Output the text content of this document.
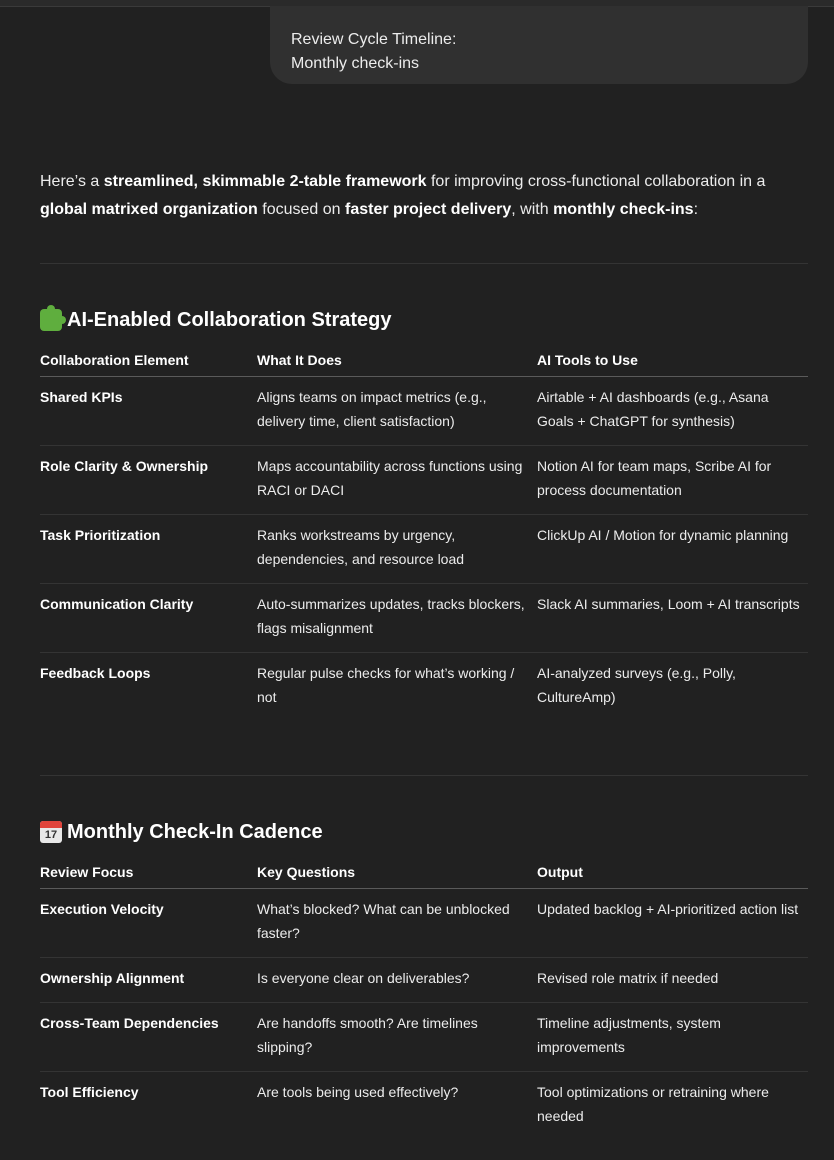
Review Cycle Timeline:
Monthly check-ins
Here’s a streamlined, skimmable 2-table framework for improving cross-functional collaboration in a global matrixed organization focused on faster project delivery, with monthly check-ins:
AI-Enabled Collaboration Strategy
Collaboration Element	What It Does	AI Tools to Use
Shared KPIs	Aligns teams on impact metrics (e.g., delivery time, client satisfaction)	Airtable + AI dashboards (e.g., Asana Goals + ChatGPT for synthesis)
Role Clarity & Ownership	Maps accountability across functions using RACI or DACI	Notion AI for team maps, Scribe AI for process documentation
Task Prioritization	Ranks workstreams by urgency, dependencies, and resource load	ClickUp AI / Motion for dynamic planning
Communication Clarity	Auto-summarizes updates, tracks blockers, flags misalignment	Slack AI summaries, Loom + AI transcripts
Feedback Loops	Regular pulse checks for what’s working / not	AI-analyzed surveys (e.g., Polly, CultureAmp)
17 Monthly Check-In Cadence
Review Focus	Key Questions	Output
Execution Velocity	What’s blocked? What can be unblocked faster?	Updated backlog + AI-prioritized action list
Ownership Alignment	Is everyone clear on deliverables?	Revised role matrix if needed
Cross-Team Dependencies	Are handoffs smooth? Are timelines slipping?	Timeline adjustments, system improvements
Tool Efficiency	Are tools being used effectively?	Tool optimizations or retraining where needed
